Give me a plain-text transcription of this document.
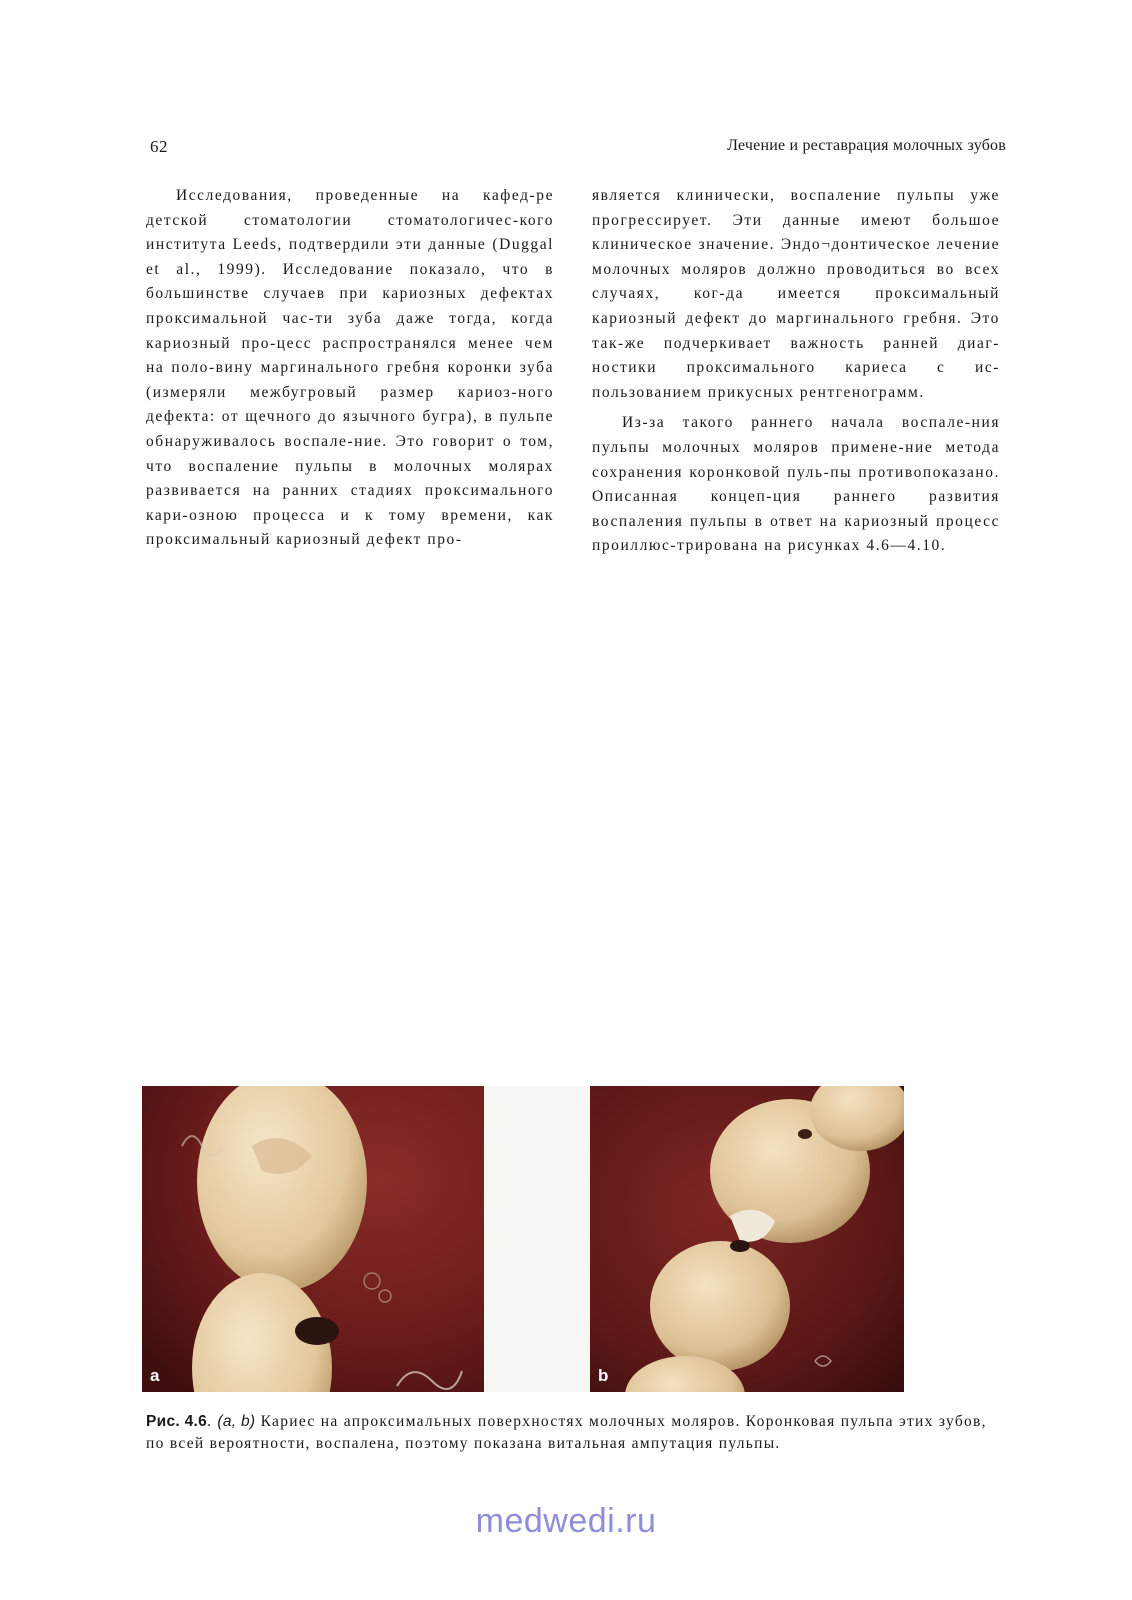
62	Лечение и реставрация молочных зубов

Исследования, проведенные на кафед-ре детской стоматологии стоматологичес-кого института Leeds, подтвердили эти данные (Duggal et al., 1999). Исследование показало, что в большинстве случаев при кариозных дефектах проксимальной час-ти зуба даже тогда, когда кариозный про-цесс распространялся менее чем на поло-вину маргинального гребня коронки зуба (измеряли межбугровый размер кариоз-ного дефекта: от щечного до язычного бугра), в пульпе обнаруживалось воспале-ние. Это говорит о том, что воспаление пульпы в молочных молярах развивается на ранних стадиях проксимального кари-озною процесса и к тому времени, как проксимальный кариозный дефект про-

является клинически, воспаление пульпы уже прогрессирует. Эти данные имеют большое клиническое значение. Эндо¬донтическое лечение молочных моляров должно проводиться во всех случаях, ког-да имеется проксимальный кариозный дефект до маргинального гребня. Это так-же подчеркивает важность ранней диаг-ностики проксимального кариеса с ис-пользованием прикусных рентгенограмм.

Из-за такого раннего начала воспале-ния пульпы молочных моляров примене-ние метода сохранения коронковой пуль-пы противопоказано. Описанная концеп-ция раннего развития воспаления пульпы в ответ на кариозный процесс проиллюс-трирована на рисунках 4.6—4.10.

a	b
Рис. 4.6. (a, b) Кариес на апроксимальных поверхностях молочных моляров. Коронковая пульпа этих зубов, по всей вероятности, воспалена, поэтому показана витальная ампутация пульпы.
medwedi.ru
